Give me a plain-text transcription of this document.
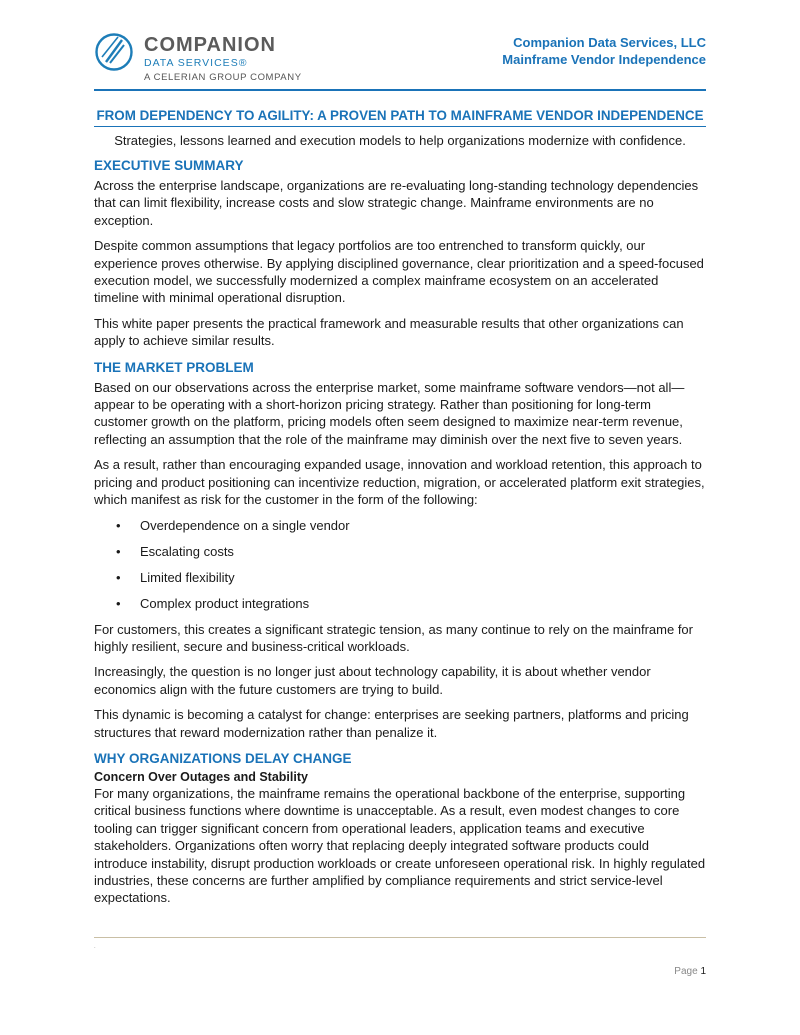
COMPANION
DATA SERVICES®
A CELERIAN GROUP COMPANY
Companion Data Services, LLC
Mainframe Vendor Independence
FROM DEPENDENCY TO AGILITY: A PROVEN PATH TO MAINFRAME VENDOR INDEPENDENCE
Strategies, lessons learned and execution models to help organizations modernize with confidence.
EXECUTIVE SUMMARY

Across the enterprise landscape, organizations are re-evaluating long-standing technology dependencies that can limit flexibility, increase costs and slow strategic change. Mainframe environments are no exception.

Despite common assumptions that legacy portfolios are too entrenched to transform quickly, our experience proves otherwise. By applying disciplined governance, clear prioritization and a speed-focused execution model, we successfully modernized a complex mainframe ecosystem on an accelerated timeline with minimal operational disruption.

This white paper presents the practical framework and measurable results that other organizations can apply to achieve similar results.

THE MARKET PROBLEM

Based on our observations across the enterprise market, some mainframe software vendors—not all—appear to be operating with a short-horizon pricing strategy. Rather than positioning for long-term customer growth on the platform, pricing models often seem designed to maximize near-term revenue, reflecting an assumption that the role of the mainframe may diminish over the next five to seven years.

As a result, rather than encouraging expanded usage, innovation and workload retention, this approach to pricing and product positioning can incentivize reduction, migration, or accelerated platform exit strategies, which manifest as risk for the customer in the form of the following:

• Overdependence on a single vendor
• Escalating costs
• Limited flexibility
• Complex product integrations

For customers, this creates a significant strategic tension, as many continue to rely on the mainframe for highly resilient, secure and business-critical workloads.

Increasingly, the question is no longer just about technology capability, it is about whether vendor economics align with the future customers are trying to build.

This dynamic is becoming a catalyst for change: enterprises are seeking partners, platforms and pricing structures that reward modernization rather than penalize it.

WHY ORGANIZATIONS DELAY CHANGE
Concern Over Outages and Stability

For many organizations, the mainframe remains the operational backbone of the enterprise, supporting critical business functions where downtime is unacceptable. As a result, even modest changes to core tooling can trigger significant concern from operational leaders, application teams and executive stakeholders. Organizations often worry that replacing deeply integrated software products could introduce instability, disrupt production workloads or create unforeseen operational risk. In highly regulated industries, these concerns are further amplified by compliance requirements and strict service-level expectations.

.
Page 1
